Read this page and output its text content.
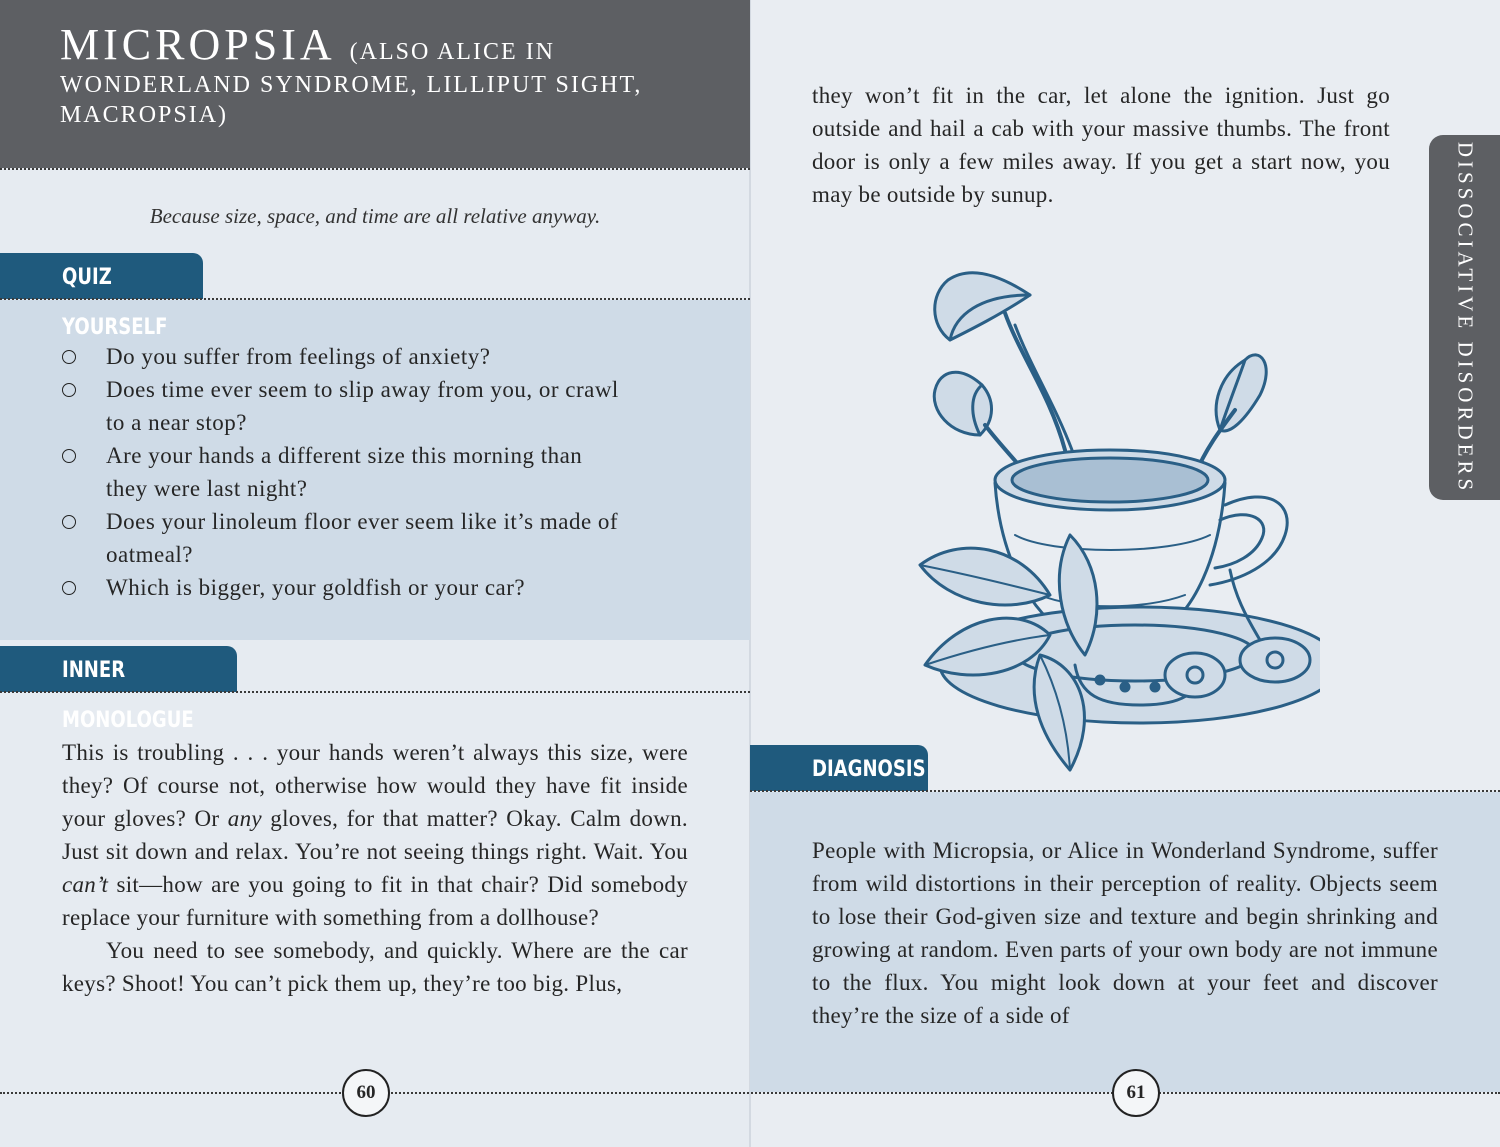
MICROPSIA (ALSO ALICE IN
WONDERLAND SYNDROME, LILLIPUT SIGHT,
MACROPSIA)
Because size, space, and time are all relative anyway.
QUIZ YOURSELF
Do you suffer from feelings of anxiety?
Does time ever seem to slip away from you, or crawl to a near stop?
Are your hands a different size this morning than they were last night?
Does your linoleum floor ever seem like it’s made of oatmeal?
Which is bigger, your goldfish or your car?
INNER MONOLOGUE

This is troubling . . . your hands weren’t always this size, were they? Of course not, otherwise how would they have fit inside your gloves? Or any gloves, for that matter? Okay. Calm down. Just sit down and relax. You’re not seeing things right. Wait. You can’t sit—how are you going to fit in that chair? Did somebody replace your furniture with something from a dollhouse?

You need to see somebody, and quickly. Where are the car keys? Shoot! You can’t pick them up, they’re too big. Plus,

they won’t fit in the car, let alone the ignition. Just go outside and hail a cab with your massive thumbs. The front door is only a few miles away. If you get a start now, you may be outside by sunup.	DISSOCIATIVE DISORDERS
DIAGNOSIS

People with Micropsia, or Alice in Wonderland Syndrome, suffer from wild distortions in their perception of reality. Objects seem to lose their God-given size and texture and begin shrinking and growing at random. Even parts of your own body are not immune to the flux. You might look down at your feet and discover they’re the size of a side of

60	61
